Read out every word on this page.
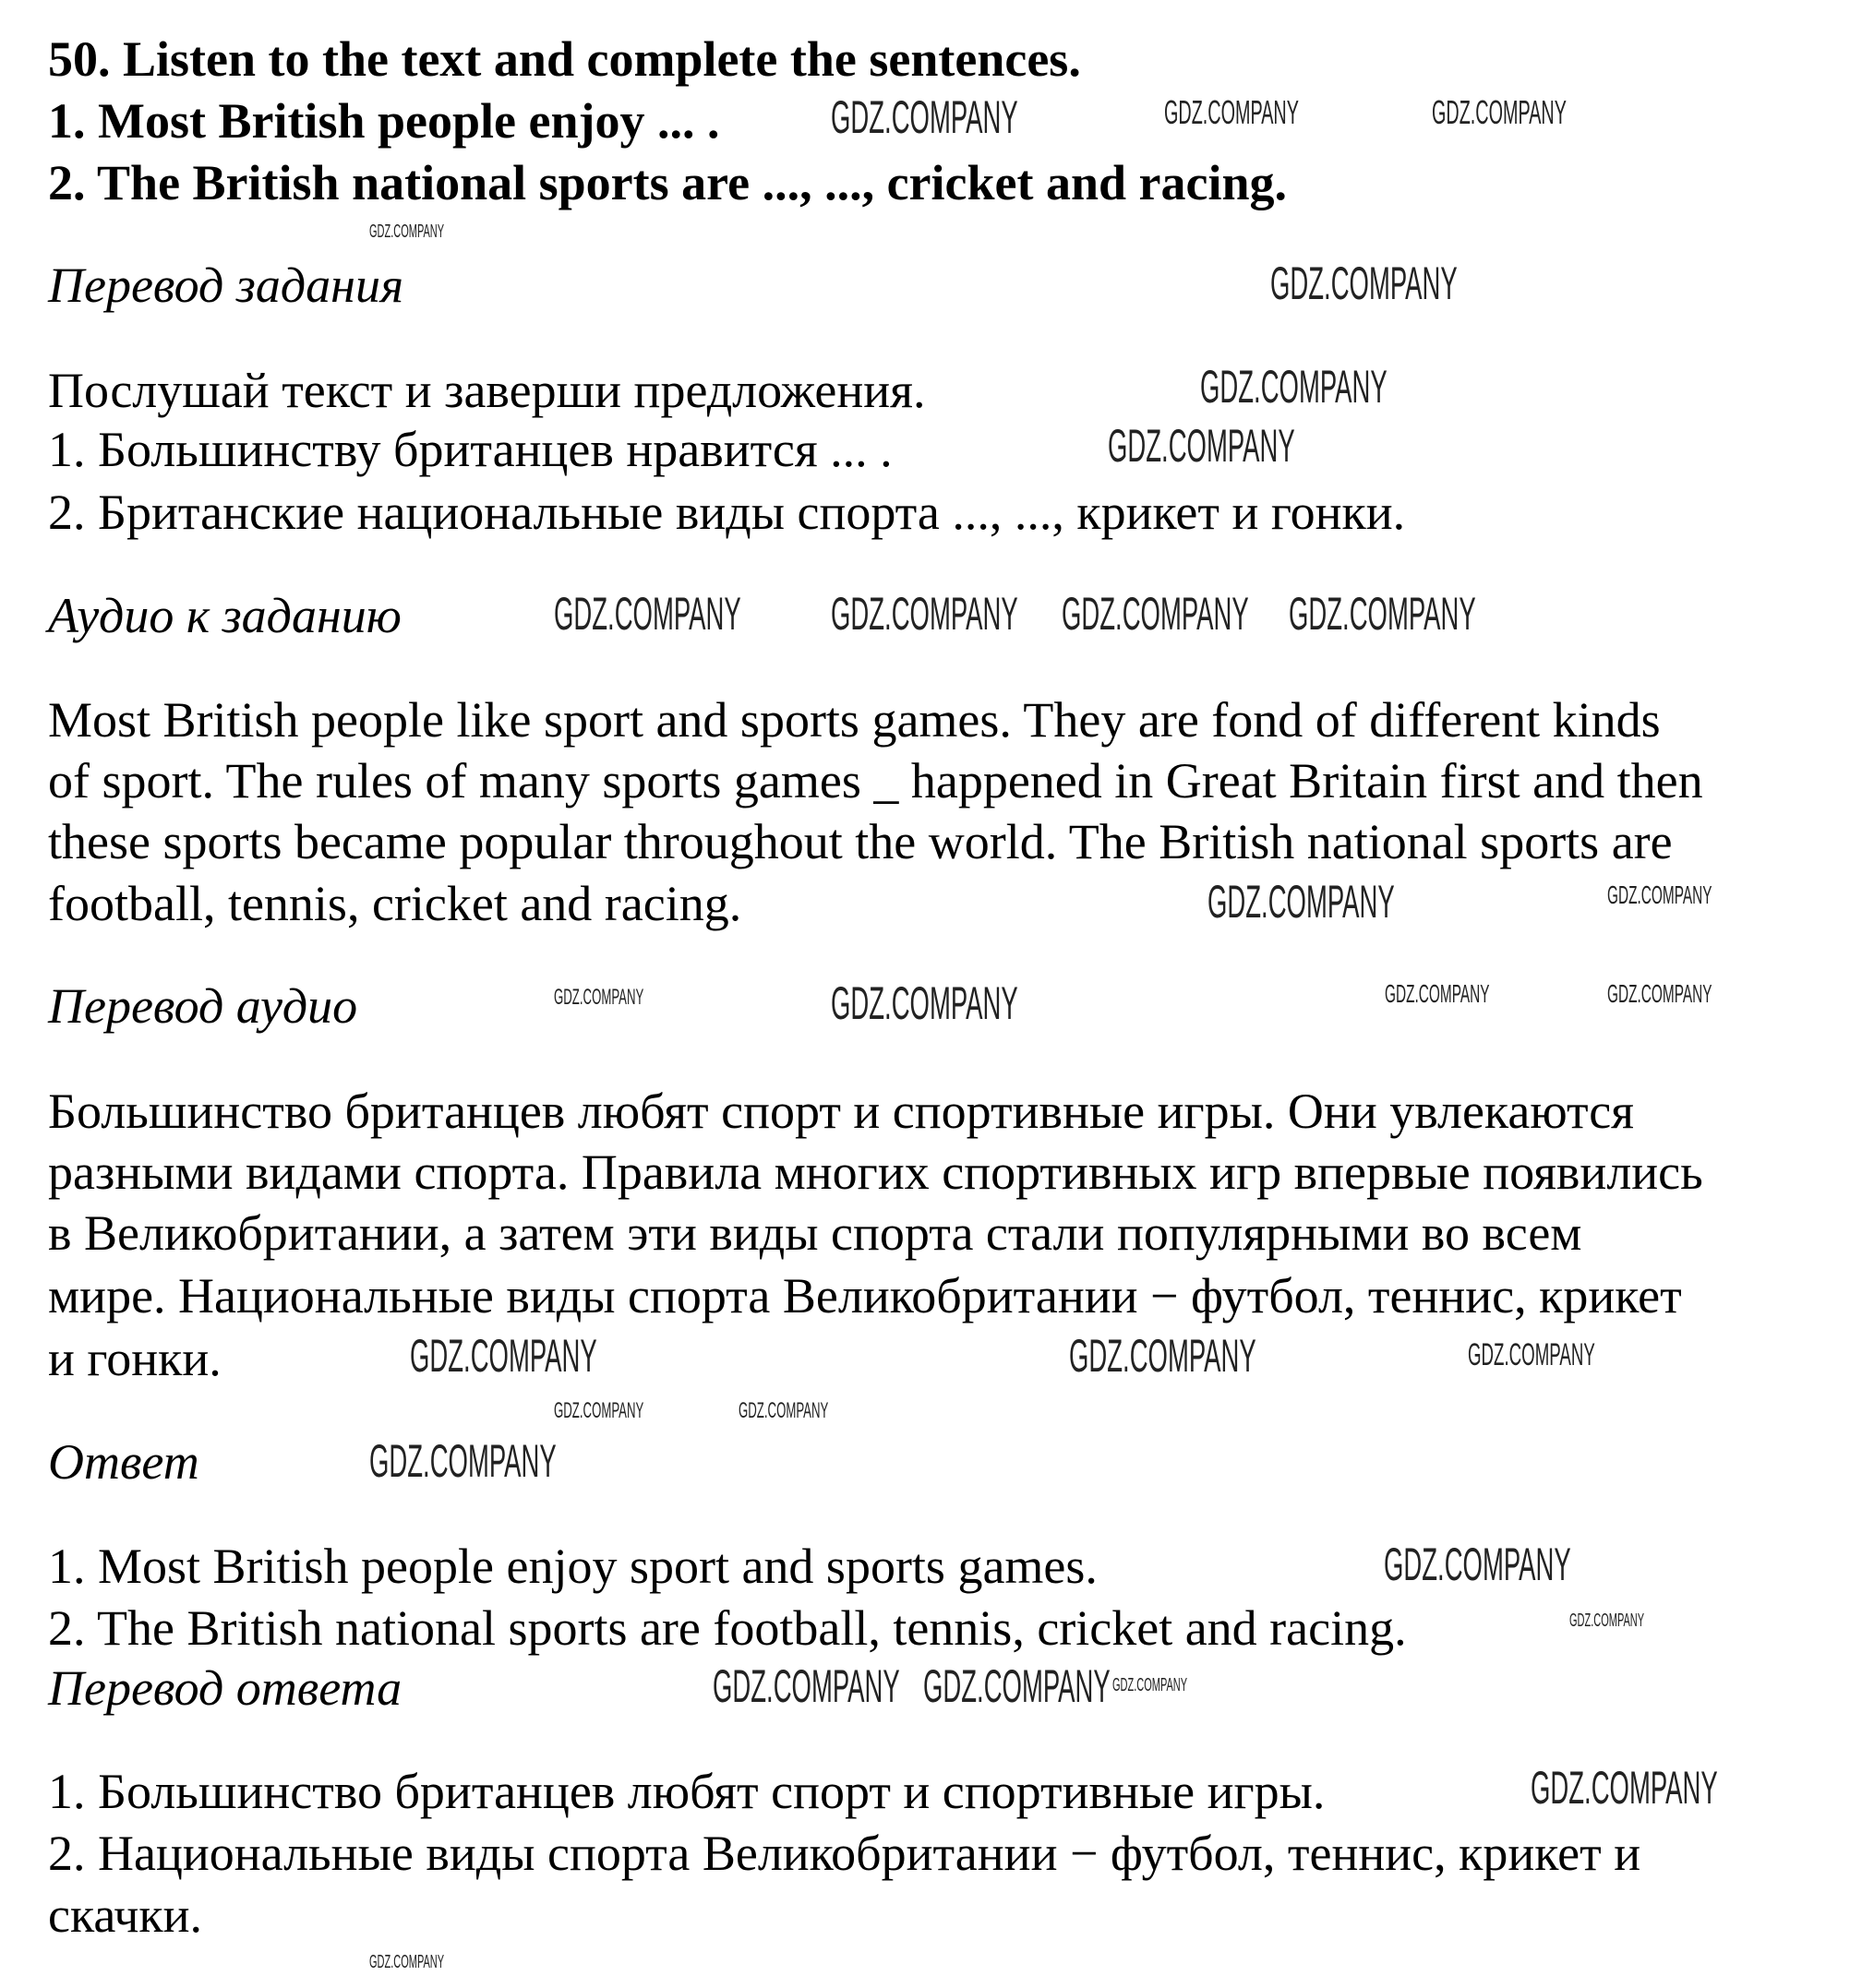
50. Listen to the text and complete the sentences.
1. Most British people enjoy ... .
2. The British national sports are ..., ..., cricket and racing.
Перевод задания
Послушай текст и заверши предложения.
1. Большинству британцев нравится ... .
2. Британские национальные виды спорта ..., ..., крикет и гонки.
Аудио к заданию
Most British people like sport and sports games. They are fond of different kinds
of sport. The rules of many sports games _ happened in Great Britain first and then
these sports became popular throughout the world. The British national sports are
football, tennis, cricket and racing.
Перевод аудио
Большинство британцев любят спорт и спортивные игры. Они увлекаются
разными видами спорта. Правила многих спортивных игр впервые появились
в Великобритании, а затем эти виды спорта стали популярными во всем
мире. Национальные виды спорта Великобритании − футбол, теннис, крикет
и гонки.
Ответ
1. Most British people enjoy sport and sports games.
2. The British national sports are football, tennis, cricket and racing.
Перевод ответа
1. Большинство британцев любят спорт и спортивные игры.
2. Национальные виды спорта Великобритании − футбол, теннис, крикет и
скачки.
GDZ.COMPANY
GDZ.COMPANY
GDZ.COMPANY	GDZ.COMPANY
GDZ.COMPANY
GDZ.COMPANY
GDZ.COMPANY
GDZ.COMPANY
GDZ.COMPANY GDZ.COMPANY GDZ.COMPANY
GDZ.COMPANY
GDZ.COMPANY
GDZ.COMPANY
GDZ.COMPANY	GDZ.COMPANY	GDZ.COMPANY
GDZ.COMPANY
GDZ.COMPANY	GDZ.COMPANY
GDZ.COMPANY
GDZ.COMPANY
GDZ.COMPANY
GDZ.COMPANY
GDZ.COMPANY
GDZ.COMPANY	GDZ.COMPANY
GDZ.COMPANY
GDZ.COMPANY
GDZ.COMPANY
